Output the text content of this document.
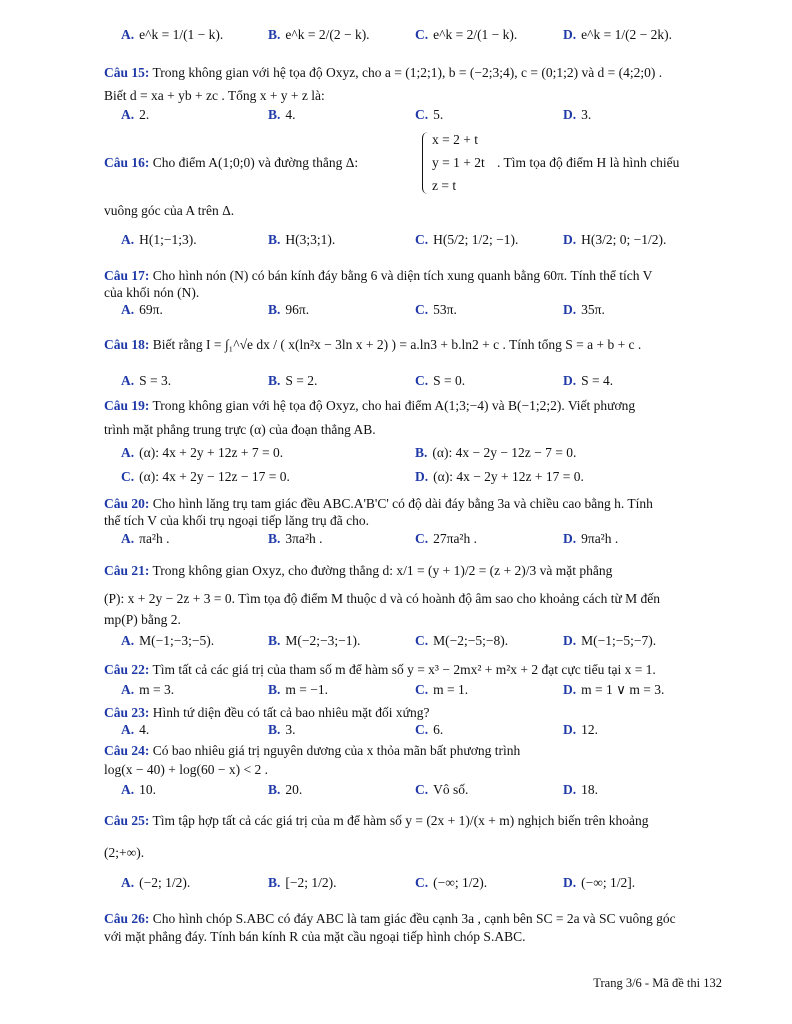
A. e^k = 1/(1 − k).	B. e^k = 2/(2 − k).	C. e^k = 2/(1 − k).	D. e^k = 1/(2 − 2k).
Câu 15: Trong không gian với hệ tọa độ Oxyz, cho a = (1;2;1), b = (−2;3;4), c = (0;1;2) và d = (4;2;0) .
Biết d = xa + yb + zc . Tổng x + y + z là:
A. 2.	B. 4.	C. 5.	D. 3.
Câu 16: Cho điểm A(1;0;0) và đường thẳng Δ:
x = 2 + t
y = 1 + 2t
z = t
. Tìm tọa độ điểm H là hình chiếu
vuông góc của A trên Δ.
A. H(1;−1;3).	B. H(3;3;1).	C. H(5/2; 1/2; −1).	D. H(3/2; 0; −1/2).
Câu 17: Cho hình nón (N) có bán kính đáy bằng 6 và diện tích xung quanh bằng 60π. Tính thể tích V
của khối nón (N).
A. 69π.	B. 96π.	C. 53π.	D. 35π.
Câu 18: Biết rằng I = ∫₁^√e dx / ( x(ln²x − 3ln x + 2) ) = a.ln3 + b.ln2 + c . Tính tổng S = a + b + c .
A. S = 3.	B. S = 2.	C. S = 0.	D. S = 4.
Câu 19: Trong không gian với hệ tọa độ Oxyz, cho hai điểm A(1;3;−4) và B(−1;2;2). Viết phương
trình mặt phẳng trung trực (α) của đoạn thẳng AB.
A. (α): 4x + 2y + 12z + 7 = 0.	B. (α): 4x − 2y − 12z − 7 = 0.
C. (α): 4x + 2y − 12z − 17 = 0.	D. (α): 4x − 2y + 12z + 17 = 0.
Câu 20: Cho hình lăng trụ tam giác đều ABC.A'B'C' có độ dài đáy bằng 3a và chiều cao bằng h. Tính
thể tích V của khối trụ ngoại tiếp lăng trụ đã cho.
A. πa²h .	B. 3πa²h .	C. 27πa²h .	D. 9πa²h .
Câu 21: Trong không gian Oxyz, cho đường thẳng d: x/1 = (y + 1)/2 = (z + 2)/3 và mặt phẳng
(P): x + 2y − 2z + 3 = 0. Tìm tọa độ điểm M thuộc d và có hoành độ âm sao cho khoảng cách từ M đến
mp(P) bằng 2.
A. M(−1;−3;−5).	B. M(−2;−3;−1).	C. M(−2;−5;−8).	D. M(−1;−5;−7).
Câu 22: Tìm tất cả các giá trị của tham số m để hàm số y = x³ − 2mx² + m²x + 2 đạt cực tiểu tại x = 1.
A. m = 3.	B. m = −1.	C. m = 1.	D. m = 1 ∨ m = 3.
Câu 23: Hình tứ diện đều có tất cả bao nhiêu mặt đối xứng?
A. 4.	B. 3.	C. 6.	D. 12.
Câu 24: Có bao nhiêu giá trị nguyên dương của x thỏa mãn bất phương trình
log(x − 40) + log(60 − x) < 2 .
A. 10.	B. 20.	C. Vô số.	D. 18.
Câu 25: Tìm tập hợp tất cả các giá trị của m để hàm số y = (2x + 1)/(x + m) nghịch biến trên khoảng
(2;+∞).
A. (−2; 1/2).	B. [−2; 1/2).	C. (−∞; 1/2).	D. (−∞; 1/2].
Câu 26: Cho hình chóp S.ABC có đáy ABC là tam giác đều cạnh 3a , cạnh bên SC = 2a và SC vuông góc
với mặt phẳng đáy. Tính bán kính R của mặt cầu ngoại tiếp hình chóp S.ABC.
Trang 3/6 - Mã đề thi 132
